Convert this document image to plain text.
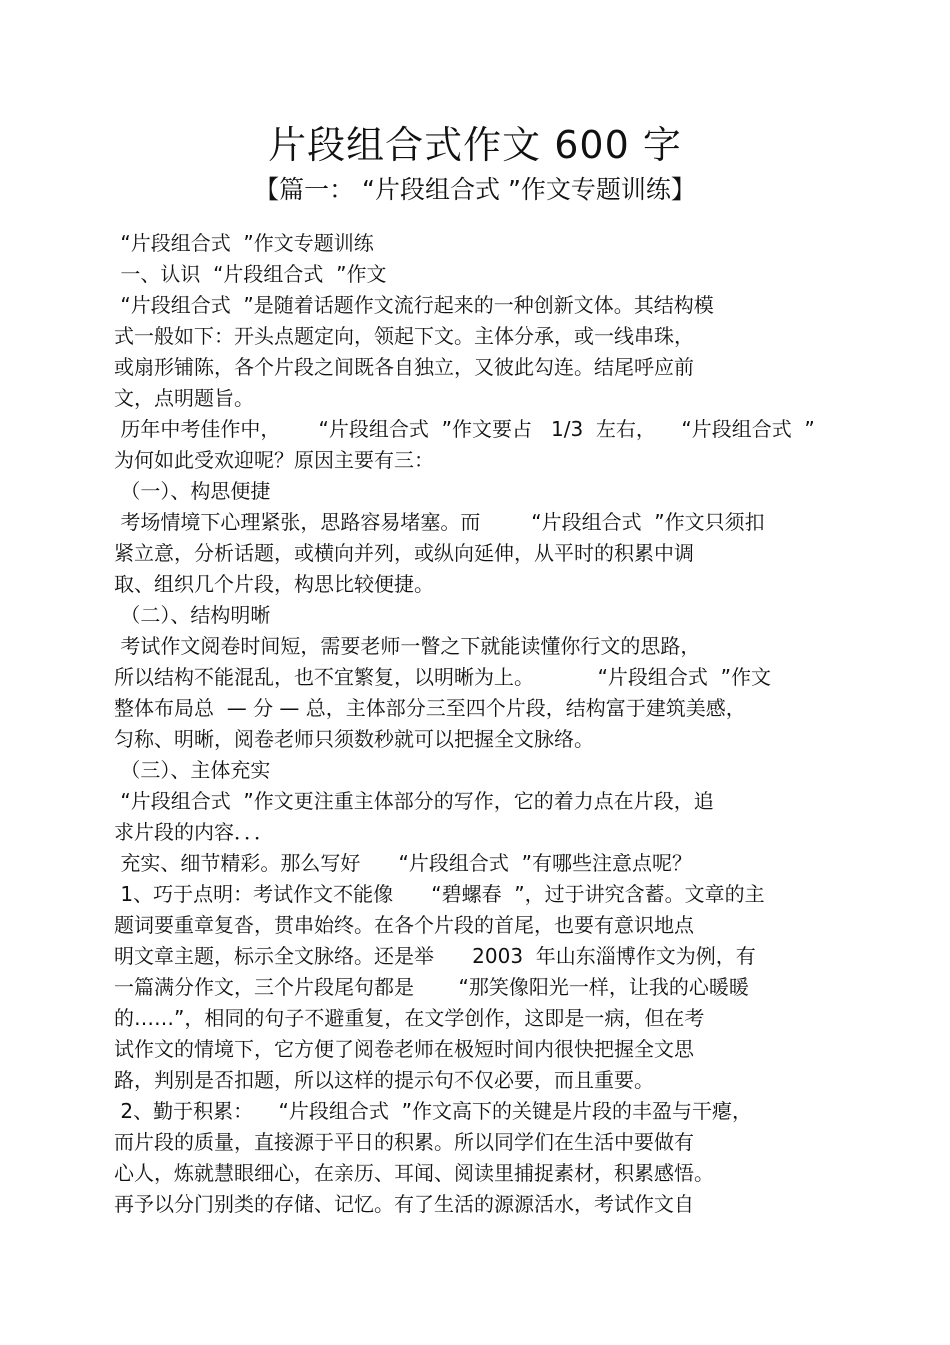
片段组合式作文 600 字
【篇一： “片段组合式 ”作文专题训练】
“片段组合式  ”作文专题训练
一、认识  “片段组合式  ”作文
“片段组合式  ”是随着话题作文流行起来的一种创新文体。其结构模
式一般如下：开头点题定向，领起下文。主体分承，或一线串珠，
或扇形铺陈，各个片段之间既各自独立，又彼此勾连。结尾呼应前
文，点明题旨。
历年中考佳作中，      “片段组合式  ”作文要占   1/3  左右，    “片段组合式  ”
为何如此受欢迎呢？原因主要有三：
（一）、构思便捷
考场情境下心理紧张，思路容易堵塞。而        “片段组合式  ”作文只须扣
紧立意，分析话题，或横向并列，或纵向延伸，从平时的积累中调
取、组织几个片段，构思比较便捷。
（二）、结构明晰
考试作文阅卷时间短，需要老师一瞥之下就能读懂你行文的思路，
所以结构不能混乱，也不宜繁复，以明晰为上。          “片段组合式  ”作文
整体布局总  — 分 — 总，主体部分三至四个片段，结构富于建筑美感，
匀称、明晰，阅卷老师只须数秒就可以把握全文脉络。
（三）、主体充实
“片段组合式  ”作文更注重主体部分的写作，它的着力点在片段，追
求片段的内容．．．
充实、细节精彩。那么写好      “片段组合式  ”有哪些注意点呢？
1、巧于点明：考试作文不能像      “碧螺春  ”，过于讲究含蓄。文章的主
题词要重章复沓，贯串始终。在各个片段的首尾，也要有意识地点
明文章主题，标示全文脉络。还是举      2003  年山东淄博作文为例，有
一篇满分作文，三个片段尾句都是       “那笑像阳光一样，让我的心暖暖
的……”，相同的句子不避重复，在文学创作，这即是一病，但在考
试作文的情境下，它方便了阅卷老师在极短时间内很快把握全文思
路，判别是否扣题，所以这样的提示句不仅必要，而且重要。
2、勤于积累：    “片段组合式  ”作文高下的关键是片段的丰盈与干瘪，
而片段的质量，直接源于平日的积累。所以同学们在生活中要做有
心人，炼就慧眼细心，在亲历、耳闻、阅读里捕捉素材，积累感悟。
再予以分门别类的存储、记忆。有了生活的源源活水，考试作文自
